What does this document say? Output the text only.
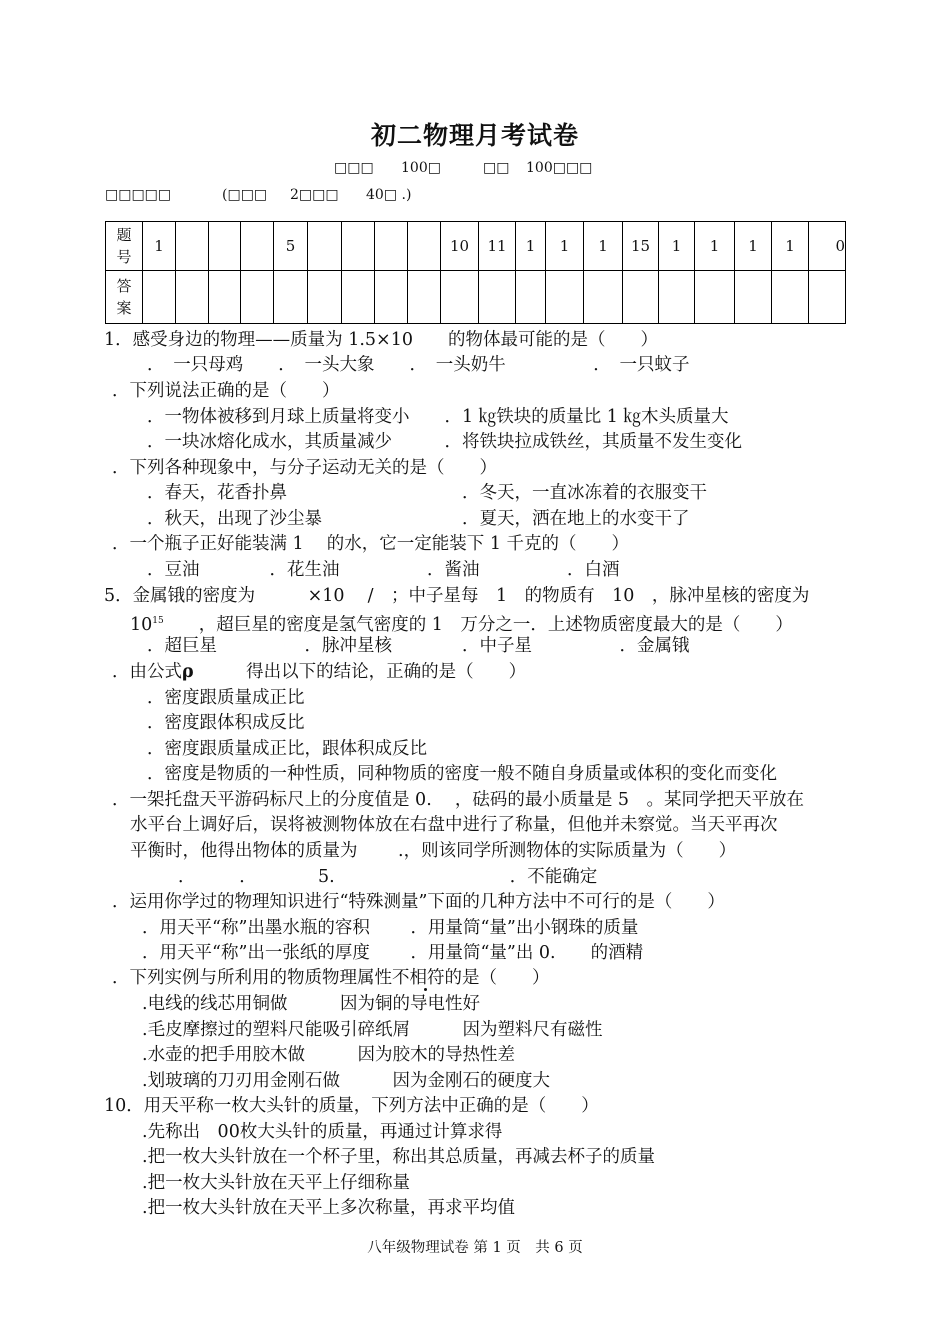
初二物理月考试卷
□□□ 100□	□□ 100□□□
□□□□□	(□□□ 2□□□ 40□ .)
题
号	1				5					10	11	1	1	1	15	1	1	1	1	0

答
案																				

1．感受身边的物理——质量为 1.5×10　　的物体最可能的是（　　）
．　一只母鸡　　．　一头大象　　．　一头奶牛　　　　　．　一只蚊子
．下列说法正确的是（　　）
．一物体被移到月球上质量将变小　　．1 ㎏铁块的质量比 1 ㎏木头质量大
．一块冰熔化成水，其质量减少　　　．将铁块拉成铁丝，其质量不发生变化
．下列各种现象中，与分子运动无关的是（　　）
．春天，花香扑鼻　　　　　　　　　　．冬天，一直冰冻着的衣服变干
．秋天，出现了沙尘暴　　　　　　　　．夏天，洒在地上的水变干了
．一个瓶子正好能装满 1　 的水，它一定能装下 1 千克的（　　）
．豆油　　　　．花生油　　　　　．酱油　　　　　．白酒
5．金属锇的密度为　　　×10　 /　；中子星每　1　的物质有　10　，脉冲星核的密度为
$10^{15}$　　，超巨星的密度是氢气密度的 1　万分之一．上述物质密度最大的是（　　）
．超巨星　　　　　．脉冲星核　　　　．中子星　　　　　．金属锇
．由公式ρ　　　得出以下的结论，正确的是（　　）
．密度跟质量成正比
．密度跟体积成反比
．密度跟质量成正比，跟体积成反比
．密度是物质的一种性质，同种物质的密度一般不随自身质量或体积的变化而变化
．一架托盘天平游码标尺上的分度值是 0.　 ，砝码的最小质量是 5　。某同学把天平放在
水平台上调好后，误将被测物体放在右盘中进行了称量，但他并未察觉。当天平再次
平衡时，他得出物体的质量为　　 .，则该同学所测物体的实际质量为（　　）
．　　　．　　　　5.　　　　　　　　　　．不能确定
．运用你学过的物理知识进行“特殊测量”下面的几种方法中不可行的是（　　）
．用天平“称”出墨水瓶的容积　　 ．用量筒“量”出小钢珠的质量
．用天平“称”出一张纸的厚度　　 ．用量筒“量”出 0.　　的酒精
．下列实例与所利用的物质物理属性不相符的是（　　）
.电线的线芯用铜做　　　因为铜的导电性好
.毛皮摩擦过的塑料尺能吸引碎纸屑　　　因为塑料尺有磁性
.水壶的把手用胶木做　　　因为胶木的导热性差
.划玻璃的刀刃用金刚石做　　　因为金刚石的硬度大
10．用天平称一枚大头针的质量，下列方法中正确的是（　　）
.先称出　00枚大头针的质量，再通过计算求得
.把一枚大头针放在一个杯子里，称出其总质量，再减去杯子的质量
.把一枚大头针放在天平上仔细称量
.把一枚大头针放在天平上多次称量，再求平均值
八年级物理试卷 第 1 页　共 6 页
